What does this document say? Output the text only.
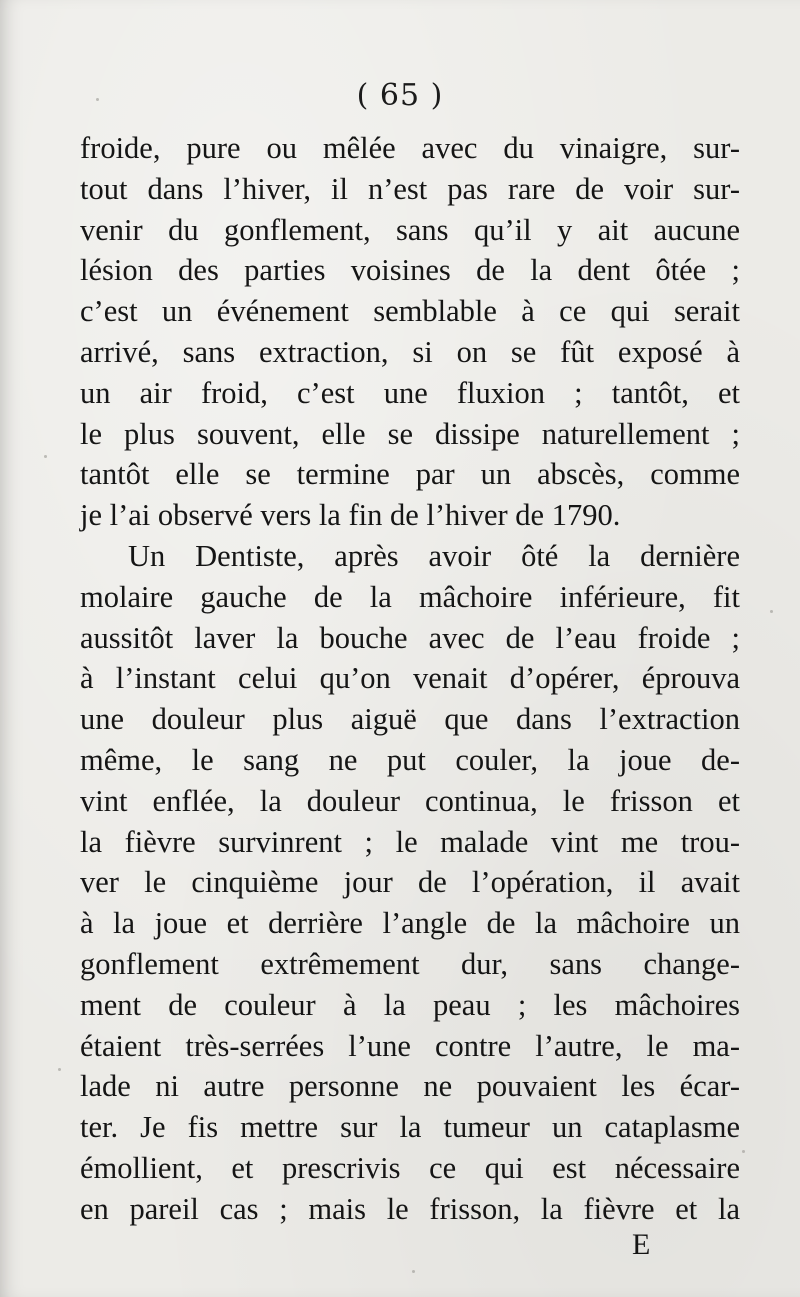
( 65 )
froide, pure ou mêlée avec du vinaigre, sur-
tout dans l’hiver, il n’est pas rare de voir sur-
venir du gonflement, sans qu’il y ait aucune
lésion des parties voisines de la dent ôtée ;
c’est un événement semblable à ce qui serait
arrivé, sans extraction, si on se fût exposé à
un air froid, c’est une fluxion ; tantôt, et
le plus souvent, elle se dissipe naturellement ;
tantôt elle se termine par un abscès, comme
je l’ai observé vers la fin de l’hiver de 1790.
Un Dentiste, après avoir ôté la dernière
molaire gauche de la mâchoire inférieure, fit
aussitôt laver la bouche avec de l’eau froide ;
à l’instant celui qu’on venait d’opérer, éprouva
une douleur plus aiguë que dans l’extraction
même, le sang ne put couler, la joue de-
vint enflée, la douleur continua, le frisson et
la fièvre survinrent ; le malade vint me trou-
ver le cinquième jour de l’opération, il avait
à la joue et derrière l’angle de la mâchoire un
gonflement extrêmement dur, sans change-
ment de couleur à la peau ; les mâchoires
étaient très-serrées l’une contre l’autre, le ma-
lade ni autre personne ne pouvaient les écar-
ter. Je fis mettre sur la tumeur un cataplasme
émollient, et prescrivis ce qui est nécessaire
en pareil cas ; mais le frisson, la fièvre et la
E
